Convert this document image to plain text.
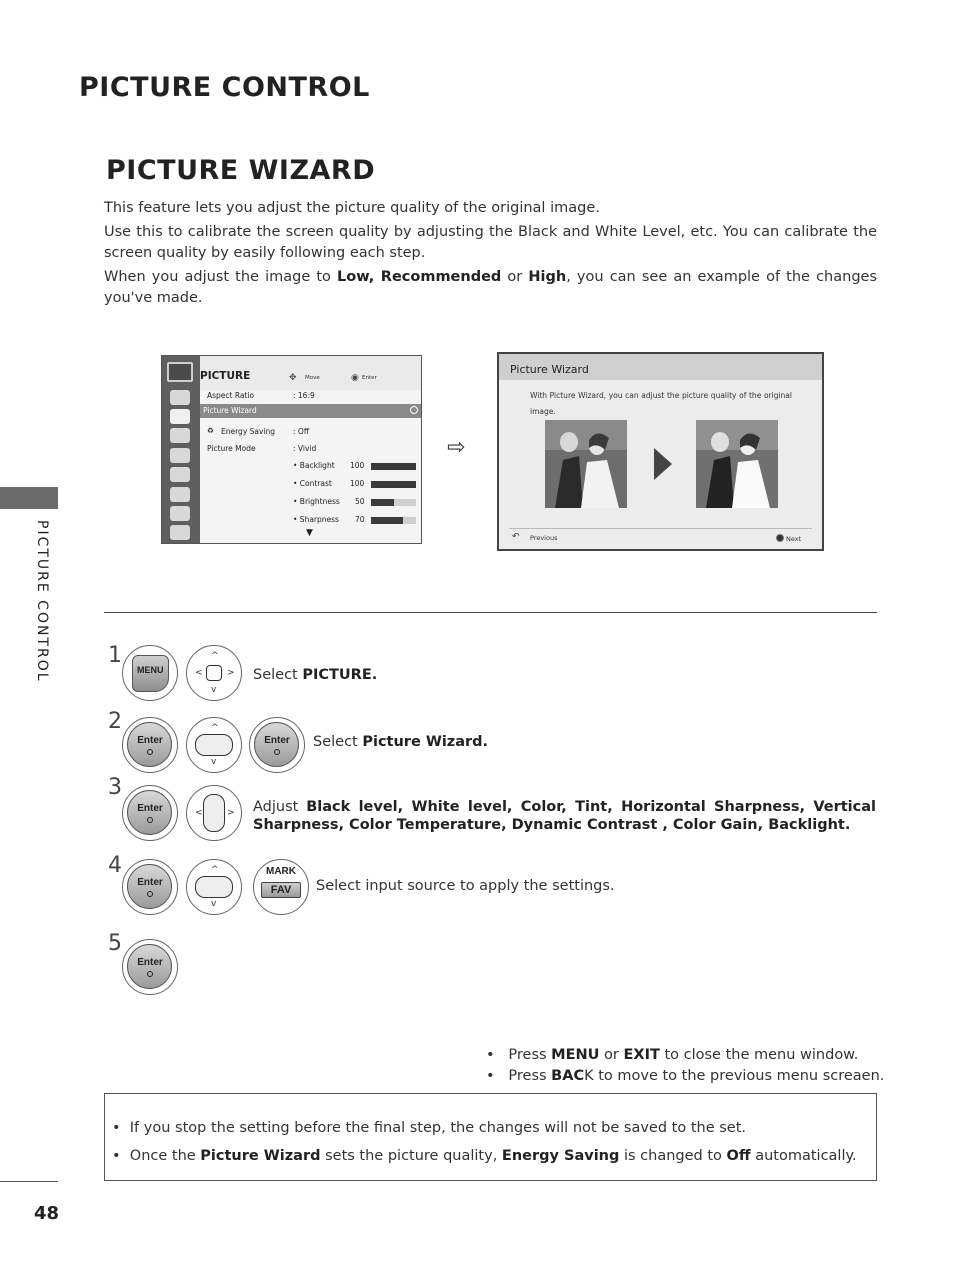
PICTURE CONTROL
PICTURE WIZARD

This feature lets you adjust the picture quality of the original image.

Use this to calibrate the screen quality by adjusting the Black and White Level, etc. You can calibrate the screen quality by easily following each step.

When you adjust the image to Low, Recommended or High, you can see an example of the changes you've made.

PICTURE CONTROL
PICTURE	✥ Move	◉ Enter
Aspect Ratio	: 16:9
Picture Wizard
♻ Energy Saving : Off
Picture Mode	: Vivid
• Backlight 100
• Contrast 100
• Brightness 50
• Sharpness 70
▼
⇨
Picture Wizard
With Picture Wizard, you can adjust the picture quality of the original image.
↶ Previous	Next
1
MENU
^
v
<	> Select PICTURE.
2
Enter
^
v
Enter	Select Picture Wizard.
3
Enter	<	> Adjust Black level, White level, Color, Tint, Horizontal Sharpness, Vertical Sharpness, Color Temperature, Dynamic Contrast , Color Gain, Backlight.
4
Enter
^
v
MARK
FAV	Select input source to apply the settings.
5
Enter
•   Press MENU or EXIT to close the menu window.
•   Press BACK to move to the previous menu screaen.
•  If you stop the setting before the final step, the changes will not be saved to the set.
•  Once the Picture Wizard sets the picture quality, Energy Saving is changed to Off automatically.
48
